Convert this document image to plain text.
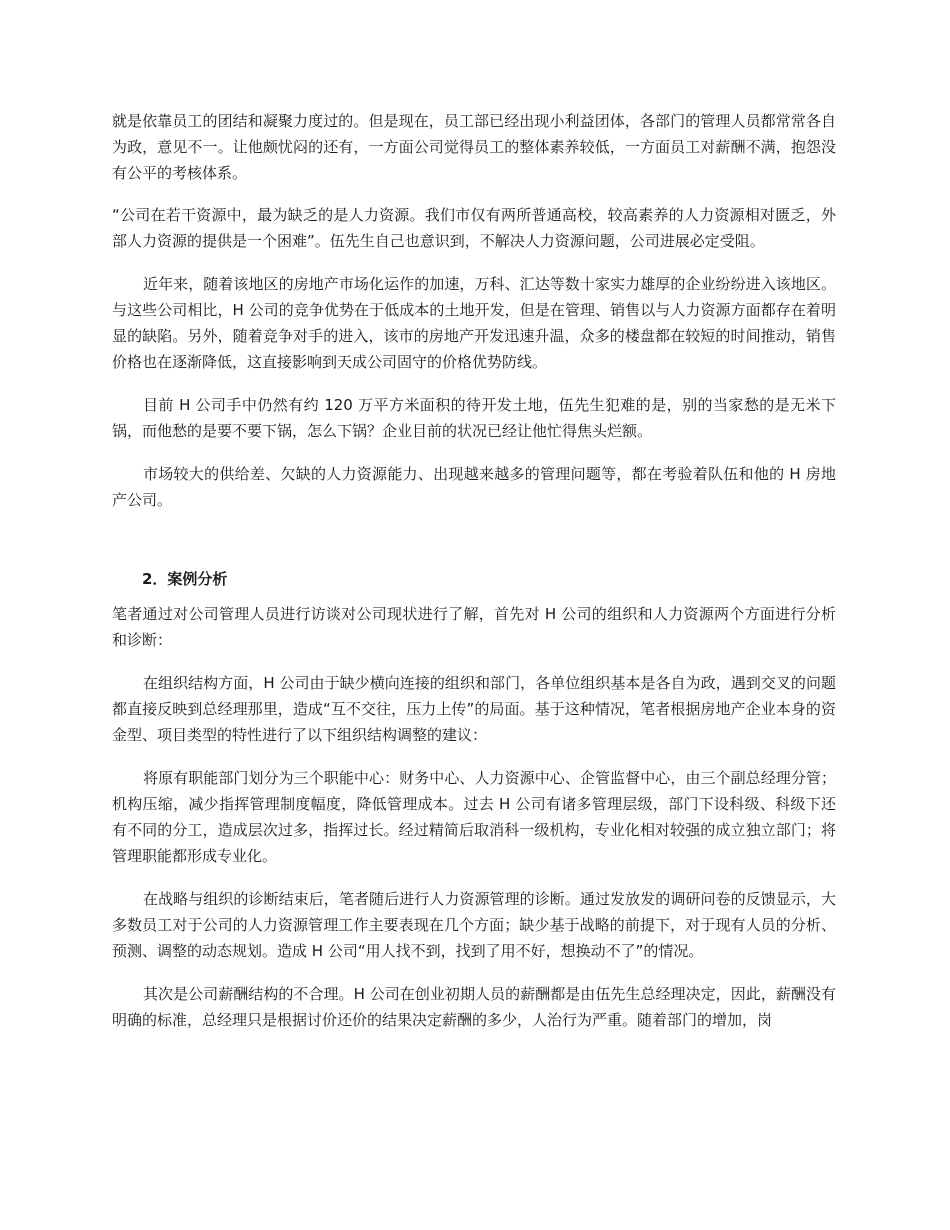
就是依靠员工的团结和凝聚力度过的。但是现在，员工部已经出现小利益团体，各部门的管理人员都常常各自为政，意见不一。让他颇忧闷的还有，一方面公司觉得员工的整体素养较低，一方面员工对薪酬不满，抱怨没有公平的考核体系。

“公司在若干资源中，最为缺乏的是人力资源。我们市仅有两所普通高校，较高素养的人力资源相对匮乏，外部人力资源的提供是一个困难”。伍先生自己也意识到，不解决人力资源问题，公司进展必定受阻。

近年来，随着该地区的房地产市场化运作的加速，万科、汇达等数十家实力雄厚的企业纷纷进入该地区。与这些公司相比，H 公司的竞争优势在于低成本的土地开发，但是在管理、销售以与人力资源方面都存在着明显的缺陷。另外，随着竞争对手的进入，该市的房地产开发迅速升温，众多的楼盘都在较短的时间推动，销售价格也在逐渐降低，这直接影响到天成公司固守的价格优势防线。

目前 H 公司手中仍然有约 120 万平方米面积的待开发土地，伍先生犯难的是，别的当家愁的是无米下锅，而他愁的是要不要下锅，怎么下锅？企业目前的状况已经让他忙得焦头烂额。

市场较大的供给差、欠缺的人力资源能力、出现越来越多的管理问题等，都在考验着队伍和他的 H 房地产公司。

2．案例分析

笔者通过对公司管理人员进行访谈对公司现状进行了解，首先对 H 公司的组织和人力资源两个方面进行分析和诊断：

在组织结构方面，H 公司由于缺少横向连接的组织和部门，各单位组织基本是各自为政，遇到交叉的问题都直接反映到总经理那里，造成“互不交往，压力上传”的局面。基于这种情况，笔者根据房地产企业本身的资金型、项目类型的特性进行了以下组织结构调整的建议：

将原有职能部门划分为三个职能中心：财务中心、人力资源中心、企管监督中心，由三个副总经理分管；机构压缩，减少指挥管理制度幅度，降低管理成本。过去 H 公司有诸多管理层级，部门下设科级、科级下还有不同的分工，造成层次过多，指挥过长。经过精简后取消科一级机构，专业化相对较强的成立独立部门；将管理职能都形成专业化。

在战略与组织的诊断结束后，笔者随后进行人力资源管理的诊断。通过发放发的调研问卷的反馈显示，大多数员工对于公司的人力资源管理工作主要表现在几个方面；缺少基于战略的前提下，对于现有人员的分析、预测、调整的动态规划。造成 H 公司“用人找不到，找到了用不好，想换动不了”的情况。

其次是公司薪酬结构的不合理。H 公司在创业初期人员的薪酬都是由伍先生总经理决定，因此，薪酬没有明确的标准，总经理只是根据讨价还价的结果决定薪酬的多少，人治行为严重。随着部门的增加，岗
